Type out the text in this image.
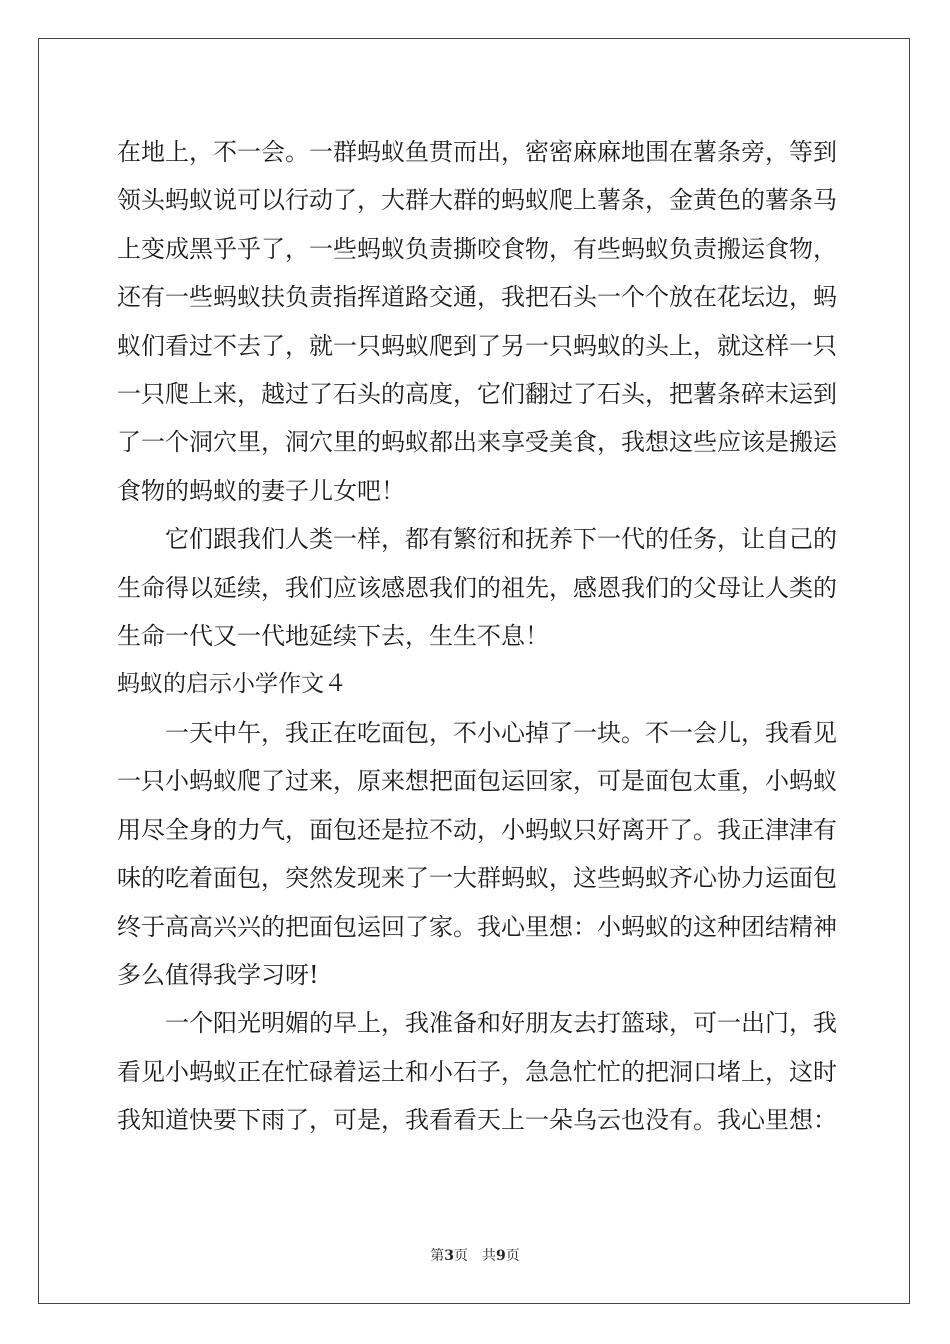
在地上，不一会。一群蚂蚁鱼贯而出，密密麻麻地围在薯条旁，等到
领头蚂蚁说可以行动了，大群大群的蚂蚁爬上薯条，金黄色的薯条马
上变成黑乎乎了，一些蚂蚁负责撕咬食物，有些蚂蚁负责搬运食物，
还有一些蚂蚁扶负责指挥道路交通，我把石头一个个放在花坛边，蚂
蚁们看过不去了，就一只蚂蚁爬到了另一只蚂蚁的头上，就这样一只
一只爬上来，越过了石头的高度，它们翻过了石头，把薯条碎末运到
了一个洞穴里，洞穴里的蚂蚁都出来享受美食，我想这些应该是搬运
食物的蚂蚁的妻子儿女吧！
　　它们跟我们人类一样，都有繁衍和抚养下一代的任务，让自己的
生命得以延续，我们应该感恩我们的祖先，感恩我们的父母让人类的
生命一代又一代地延续下去，生生不息！
蚂蚁的启示小学作文４
　　一天中午，我正在吃面包，不小心掉了一块。不一会儿，我看见
一只小蚂蚁爬了过来，原来想把面包运回家，可是面包太重，小蚂蚁
用尽全身的力气，面包还是拉不动，小蚂蚁只好离开了。我正津津有
味的吃着面包，突然发现来了一大群蚂蚁，这些蚂蚁齐心协力运面包
终于高高兴兴的把面包运回了家。我心里想：小蚂蚁的这种团结精神
多么值得我学习呀!
　　一个阳光明媚的早上，我准备和好朋友去打篮球，可一出门，我
看见小蚂蚁正在忙碌着运土和小石子，急急忙忙的把洞口堵上，这时
我知道快要下雨了，可是，我看看天上一朵乌云也没有。我心里想：
第3页　共9页
